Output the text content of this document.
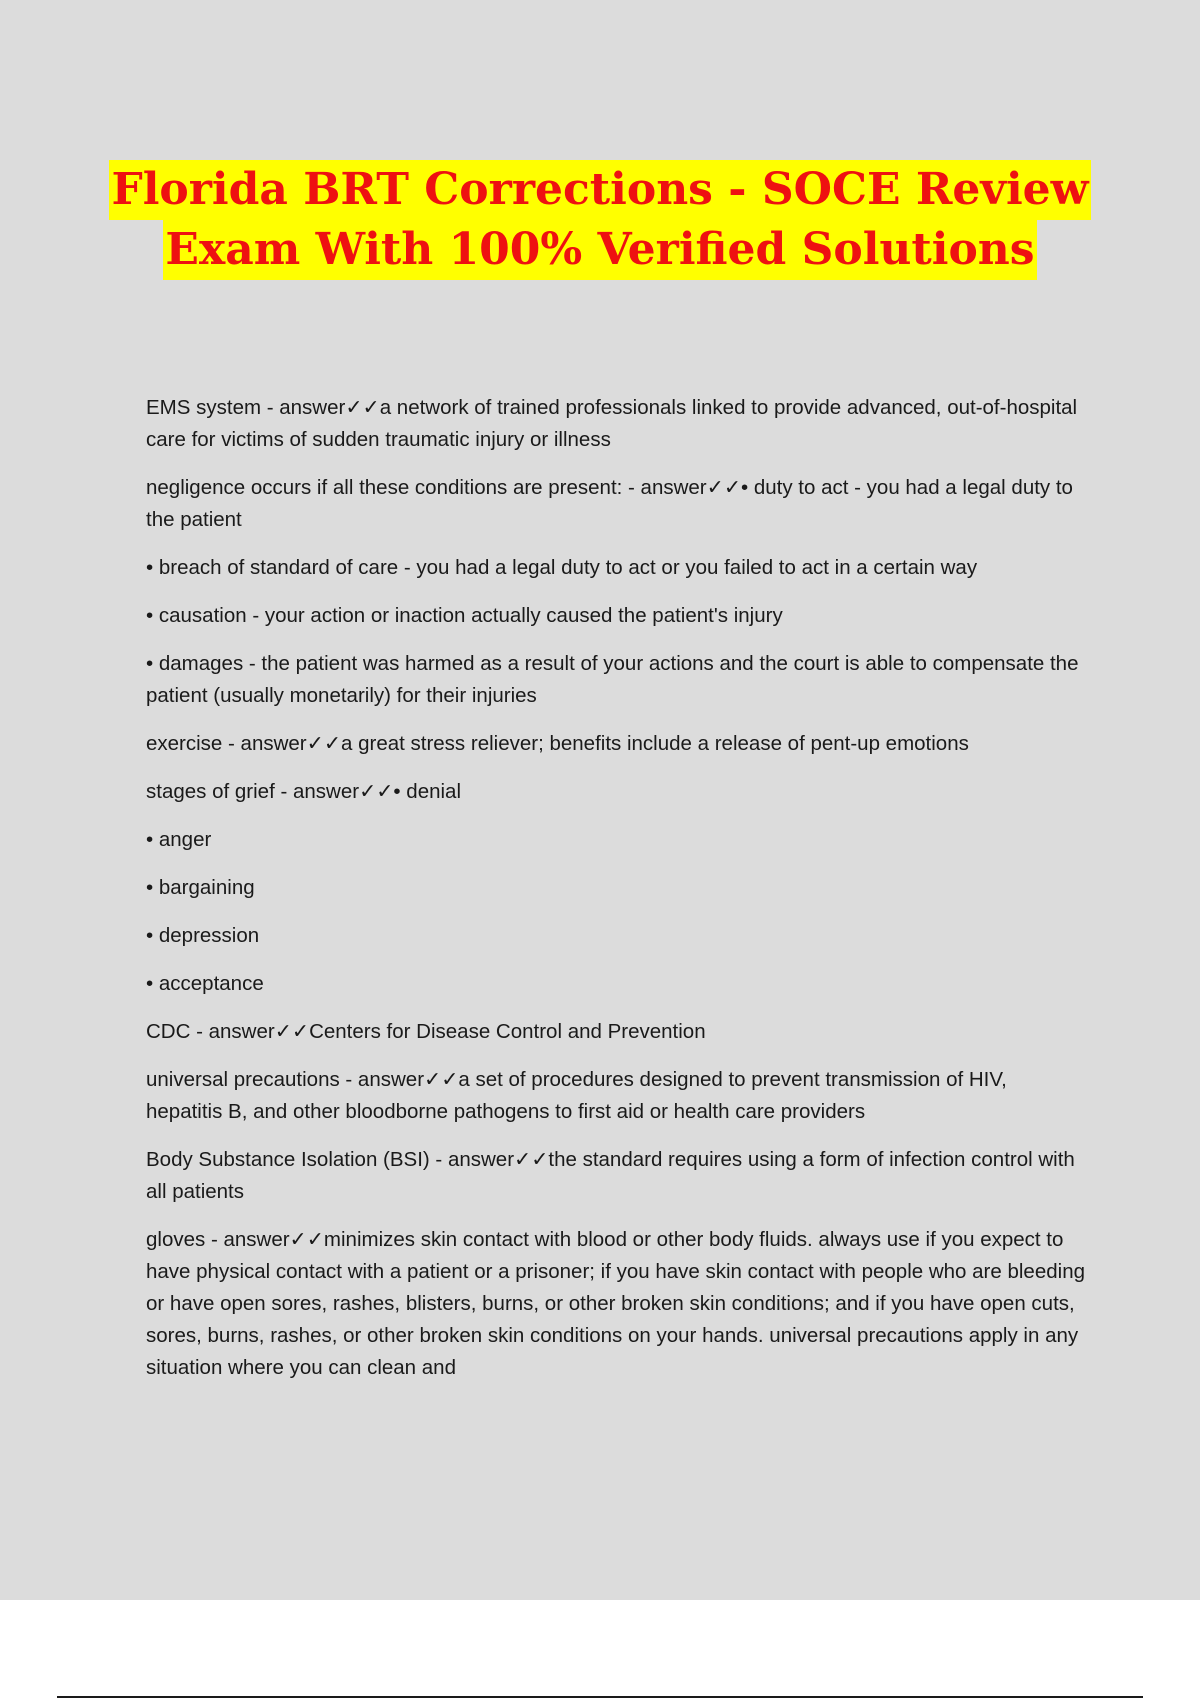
Florida BRT Corrections - SOCE Review
Exam With 100% Verified Solutions

EMS system - answer✓✓a network of trained professionals linked to provide advanced, out-of-hospital care for victims of sudden traumatic injury or illness

negligence occurs if all these conditions are present: - answer✓✓• duty to act - you had a legal duty to the patient

• breach of standard of care - you had a legal duty to act or you failed to act in a certain way

• causation - your action or inaction actually caused the patient's injury

• damages - the patient was harmed as a result of your actions and the court is able to compensate the patient (usually monetarily) for their injuries

exercise - answer✓✓a great stress reliever; benefits include a release of pent-up emotions

stages of grief - answer✓✓• denial

• anger

• bargaining

• depression

• acceptance

CDC - answer✓✓Centers for Disease Control and Prevention

universal precautions - answer✓✓a set of procedures designed to prevent transmission of HIV, hepatitis B, and other bloodborne pathogens to first aid or health care providers

Body Substance Isolation (BSI) - answer✓✓the standard requires using a form of infection control with all patients

gloves - answer✓✓minimizes skin contact with blood or other body fluids. always use if you expect to have physical contact with a patient or a prisoner; if you have skin contact with people who are bleeding or have open sores, rashes, blisters, burns, or other broken skin conditions; and if you have open cuts, sores, burns, rashes, or other broken skin conditions on your hands. universal precautions apply in any situation where you can clean and
